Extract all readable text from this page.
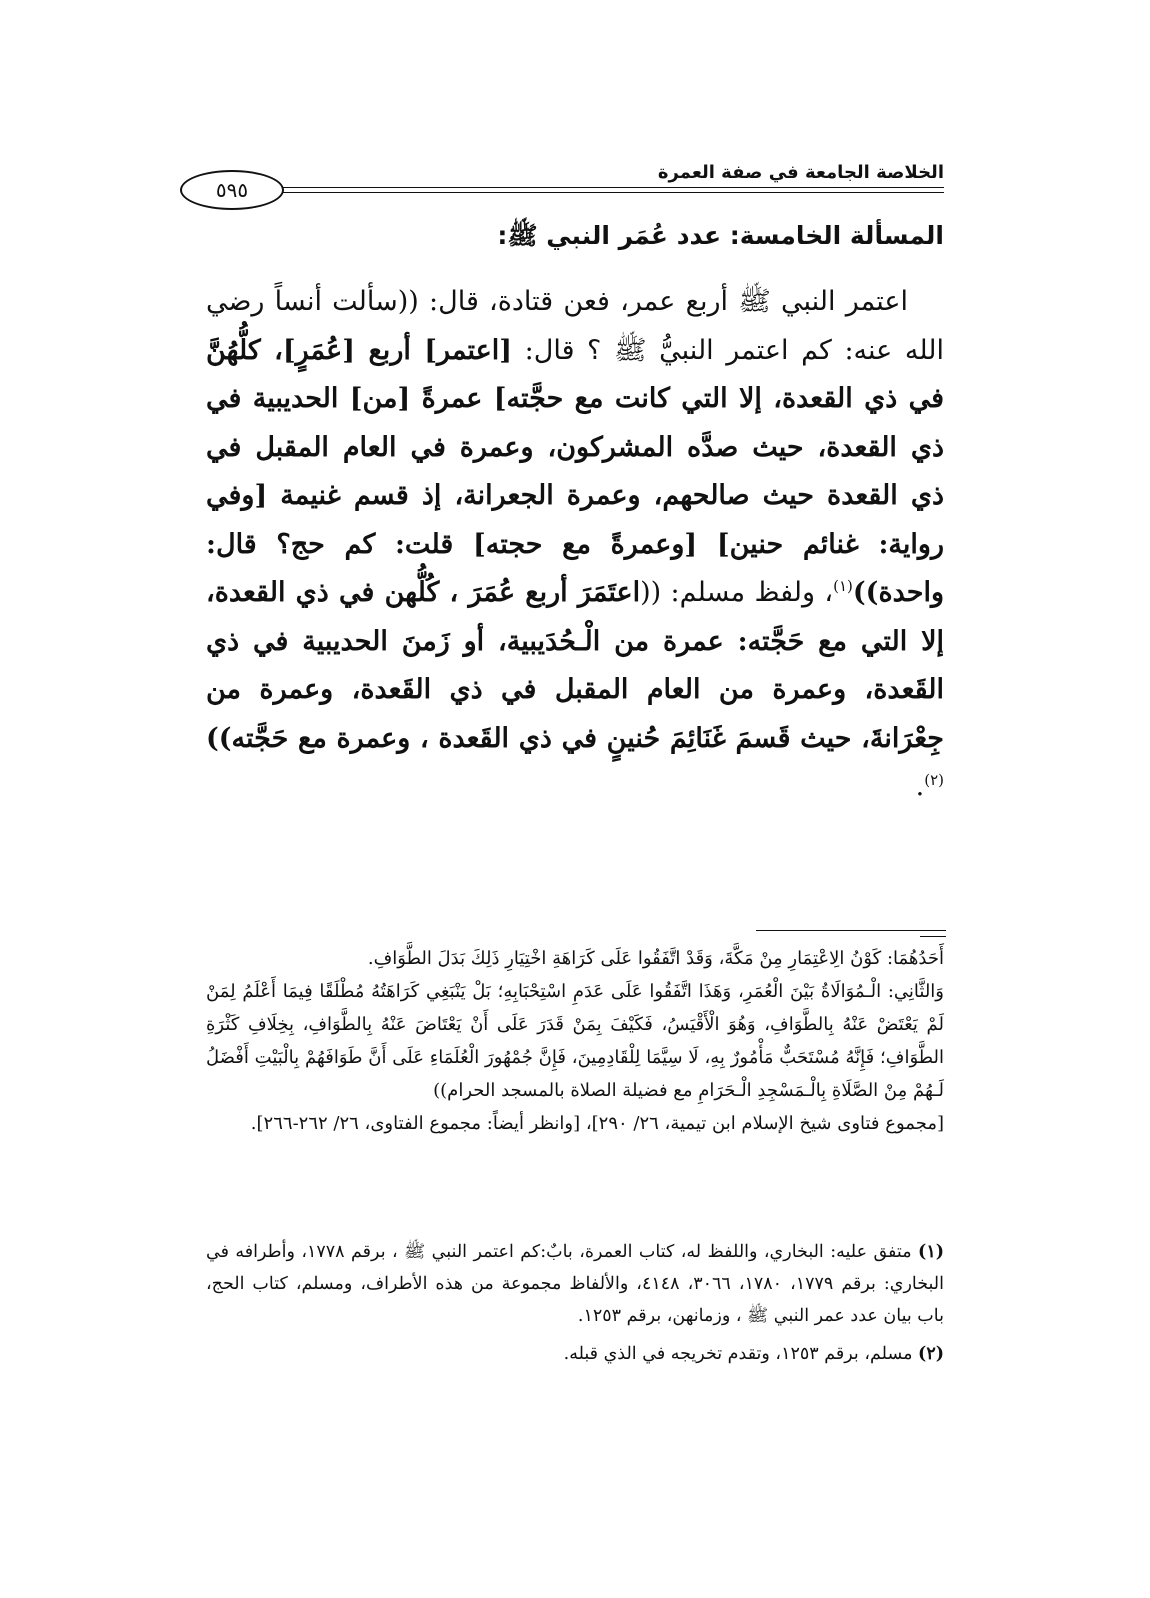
الخلاصة الجامعة في صفة العمرة
٥٩٥
المسألة الخامسة: عدد عُمَر النبي ﷺ:

اعتمر النبي ﷺ أربع عمر، فعن قتادة، قال: ((سألت أنساً رضي الله عنه: كم اعتمر النبيُّ ﷺ ؟ قال: [اعتمر] أربع [عُمَرٍ]، كلُّهُنَّ في ذي القعدة، إلا التي كانت مع حجَّته] عمرةً [من] الحديبية في ذي القعدة، حيث صدَّه المشركون، وعمرة في العام المقبل في ذي القعدة حيث صالحهم، وعمرة الجعرانة، إذ قسم غنيمة [وفي رواية: غنائم حنين] [وعمرةً مع حجته] قلت: كم حج؟ قال: واحدة))$^{(١)}$، ولفظ مسلم: ((اعتَمَرَ أربع عُمَرَ ، كُلُّهن في ذي القعدة، إلا التي مع حَجَّته: عمرة من الْـحُدَيبية، أو زَمنَ الحديبية في ذي القَعدة، وعمرة من العام المقبل في ذي القَعدة، وعمرة من جِعْرَانةَ، حيث قَسمَ غَنَائِمَ حُنينٍ في ذي القَعدة ، وعمرة مع حَجَّته))$^{(٢)}$.

أَحَدُهُمَا: كَوْنُ الِاعْتِمَارِ مِنْ مَكَّةَ، وَقَدْ اتَّفَقُوا عَلَى كَرَاهَةِ اخْتِيَارِ ذَلِكَ بَدَلَ الطَّوَافِ.

وَالثَّانِي: الْـمُوَالَاةُ بَيْنَ الْعُمَرِ، وَهَذَا اتَّفَقُوا عَلَى عَدَمِ اسْتِحْبَابِهِ؛ بَلْ يَنْبَغِي كَرَاهَتُهُ مُطْلَقًا فِيمَا أَعْلَمُ لِمَنْ لَمْ يَعْتَضْ عَنْهُ بِالطَّوَافِ، وَهُوَ الْأَقْيَسُ، فَكَيْفَ بِمَنْ قَدَرَ عَلَى أَنْ يَعْتَاضَ عَنْهُ بِالطَّوَافِ، بِخِلَافِ كَثْرَةِ الطَّوَافِ؛ فَإِنَّهُ مُسْتَحَبٌّ مَأْمُورٌ بِهِ، لَا سِيَّمَا لِلْقَادِمِينَ، فَإِنَّ جُمْهُورَ الْعُلَمَاءِ عَلَى أَنَّ طَوَافَهُمْ بِالْبَيْتِ أَفْضَلُ لَـهُمْ مِنْ الصَّلَاةِ بِالْـمَسْجِدِ الْـحَرَامِ مع فضيلة الصلاة بالمسجد الحرام))

[مجموع فتاوى شيخ الإسلام ابن تيمية، ٢٦/ ٢٩٠]، [وانظر أيضاً: مجموع الفتاوى، ٢٦/ ٢٦٢-٢٦٦].

(١) متفق عليه: البخاري، واللفظ له، كتاب العمرة، بابٌ:كم اعتمر النبي ﷺ ، برقم ١٧٧٨، وأطرافه في البخاري: برقم ١٧٧٩، ١٧٨٠، ٣٠٦٦، ٤١٤٨، والألفاظ مجموعة من هذه الأطراف، ومسلم، كتاب الحج، باب بيان عدد عمر النبي ﷺ ، وزمانهن، برقم ١٢٥٣.

(٢) مسلم، برقم ١٢٥٣، وتقدم تخريجه في الذي قبله.
